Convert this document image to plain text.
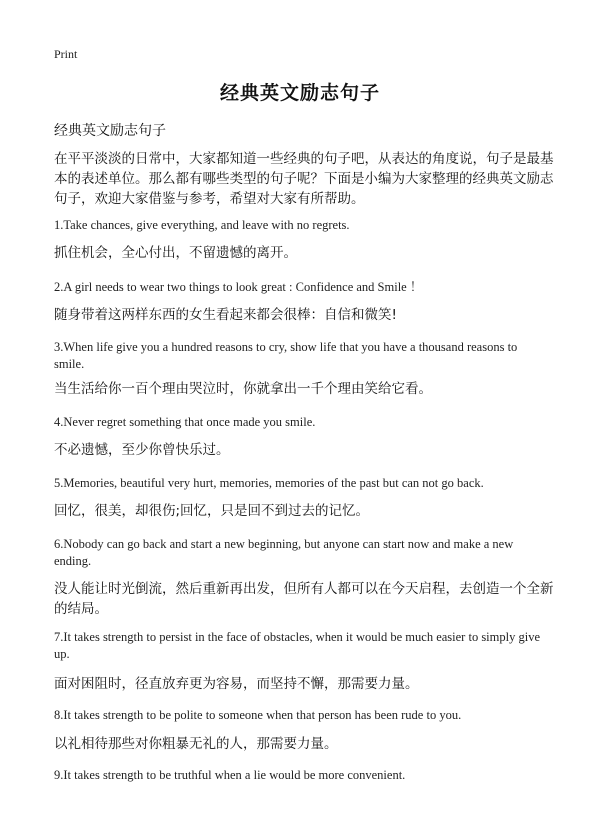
Print
经典英文励志句子
经典英文励志句子
在平平淡淡的日常中，大家都知道一些经典的句子吧，从表达的角度说，句子是最基本的表述单位。那么都有哪些类型的句子呢？下面是小编为大家整理的经典英文励志句子，欢迎大家借鉴与参考，希望对大家有所帮助。
1.Take chances, give everything, and leave with no regrets.
抓住机会，全心付出，不留遗憾的离开。
2.A girl needs to wear two things to look great : Confidence and Smile ！
随身带着这两样东西的女生看起来都会很棒：自信和微笑!
3.When life give you a hundred reasons to cry, show life that you have a thousand reasons to smile.
当生活给你一百个理由哭泣时，你就拿出一千个理由笑给它看。
4.Never regret something that once made you smile.
不必遗憾，至少你曾快乐过。
5.Memories, beautiful very hurt, memories, memories of the past but can not go back.
回忆，很美，却很伤;回忆，只是回不到过去的记忆。
6.Nobody can go back and start a new beginning, but anyone can start now and make a new ending.
没人能让时光倒流，然后重新再出发，但所有人都可以在今天启程，去创造一个全新的结局。
7.It takes strength to persist in the face of obstacles, when it would be much easier to simply give up.
面对困阻时，径直放弃更为容易，而坚持不懈，那需要力量。
8.It takes strength to be polite to someone when that person has been rude to you.
以礼相待那些对你粗暴无礼的人，那需要力量。
9.It takes strength to be truthful when a lie would be more convenient.
